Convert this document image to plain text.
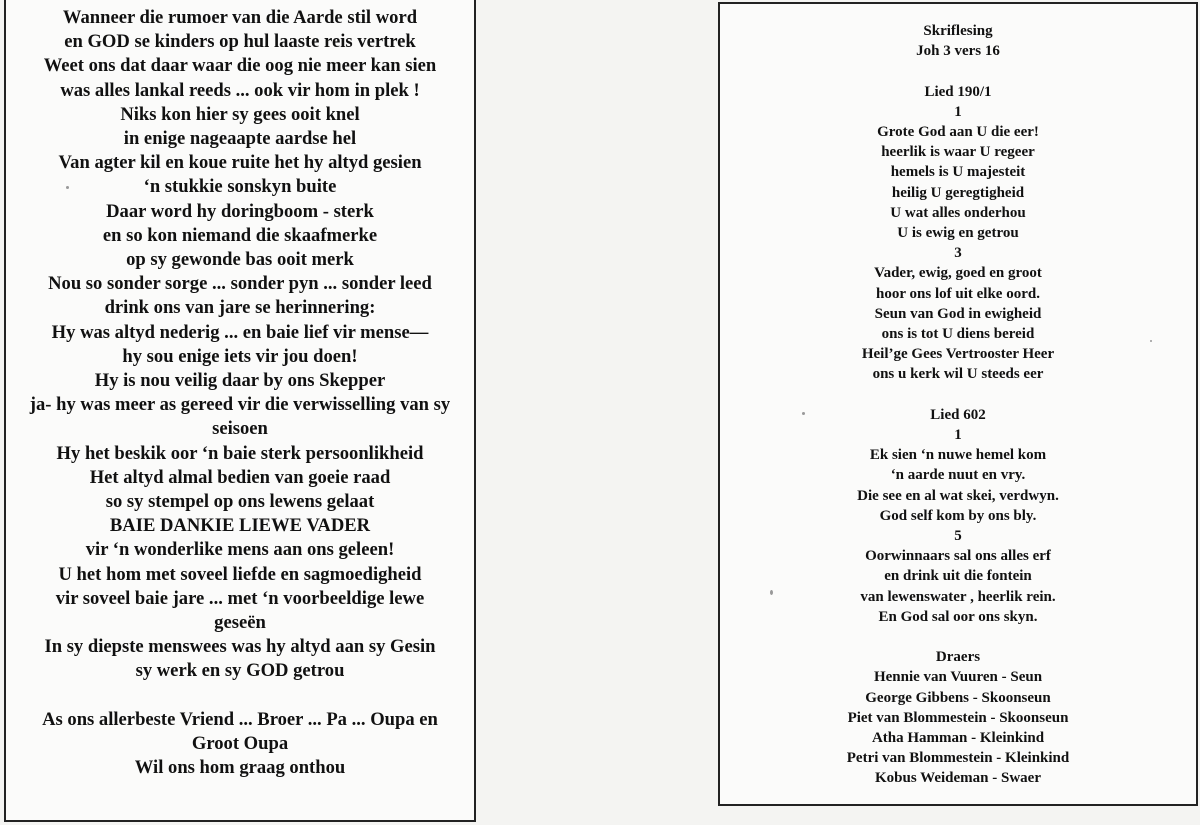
Wanneer die rumoer van die Aarde stil word
en GOD se kinders op hul laaste reis vertrek
Weet ons dat daar waar die oog nie meer kan sien
was alles lankal reeds ... ook vir hom in plek !
Niks kon hier sy gees ooit knel
in enige nageaapte aardse hel
Van agter kil en koue ruite het hy altyd gesien
‘n stukkie sonskyn buite
Daar word hy doringboom - sterk
en so kon niemand die skaafmerke
op sy gewonde bas ooit merk
Nou so sonder sorge ... sonder pyn ... sonder leed
drink ons van jare se herinnering:
Hy was altyd nederig ... en baie lief vir mense—
hy sou enige iets vir jou doen!
Hy is nou veilig daar by ons Skepper
ja- hy was meer as gereed vir die verwisselling van sy
seisoen
Hy het beskik oor ‘n baie sterk persoonlikheid
Het altyd almal bedien van goeie raad
so sy stempel op ons lewens gelaat
BAIE DANKIE LIEWE VADER
vir ‘n wonderlike mens aan ons geleen!
U het hom met soveel liefde en sagmoedigheid
vir soveel baie jare ... met ‘n voorbeeldige lewe
geseën
In sy diepste menswees was hy altyd aan sy Gesin
sy werk en sy GOD getrou
As ons allerbeste Vriend ... Broer ... Pa ... Oupa en
Groot Oupa
Wil ons hom graag onthou
Skriflesing
Joh 3 vers 16
Lied 190/1
1
Grote God aan U die eer!
heerlik is waar U regeer
hemels is U majesteit
heilig U geregtigheid
U wat alles onderhou
U is ewig en getrou
3
Vader, ewig, goed en groot
hoor ons lof uit elke oord.
Seun van God in ewigheid
ons is tot U diens bereid
Heil’ge Gees Vertrooster Heer
ons u kerk wil U steeds eer
Lied 602
1
Ek sien ‘n nuwe hemel kom
‘n aarde nuut en vry.
Die see en al wat skei, verdwyn.
God self kom by ons bly.
5
Oorwinnaars sal ons alles erf
en drink uit die fontein
van lewenswater , heerlik rein.
En God sal oor ons skyn.
Draers
Hennie van Vuuren - Seun
George Gibbens - Skoonseun
Piet van Blommestein - Skoonseun
Atha Hamman - Kleinkind
Petri van Blommestein - Kleinkind
Kobus Weideman - Swaer
